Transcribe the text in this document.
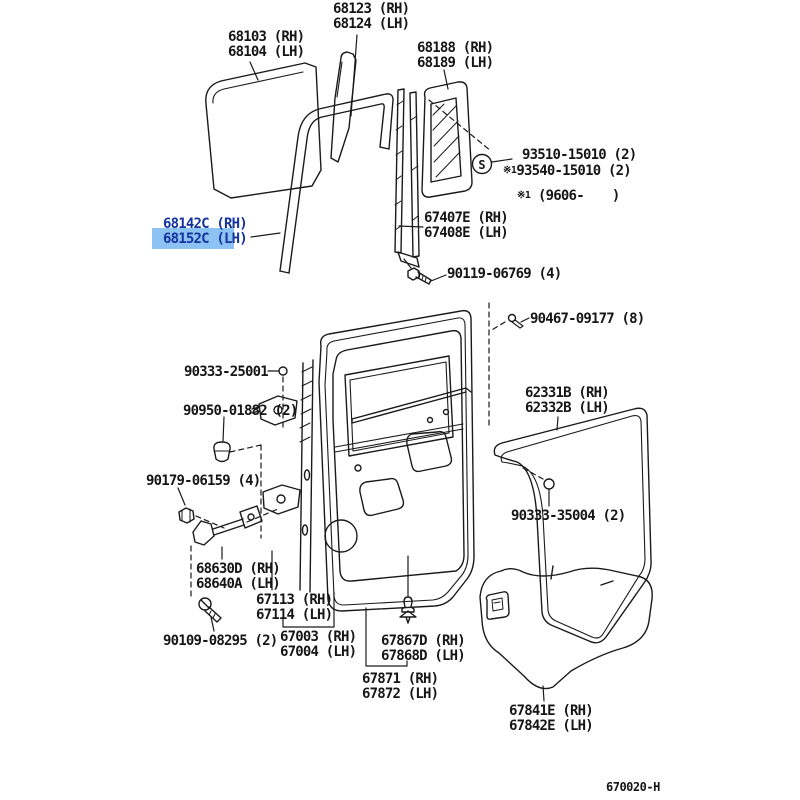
S
68103 (RH)
68104 (LH)
68123 (RH)
68124 (LH)
68188 (RH)
68189 (LH)
93510-15010 (2)
※193540-15010 (2)
※1 (9606- )
68142C (RH)
68152C (LH)
67407E (RH)
67408E (LH)
90119-06769 (4)
90467-09177 (8)
90333-25001
90950-01882 (2)
62331B (RH)
62332B (LH)
90179-06159 (4)
68630D (RH)
68640A (LH)
67113 (RH)
67114 (LH)
90333-35004 (2)
90109-08295 (2) 67003 (RH)
67004 (LH)
67867D (RH)
67868D (LH)
67871 (RH)
67872 (LH)
67841E (RH)
67842E (LH)
670020-H
